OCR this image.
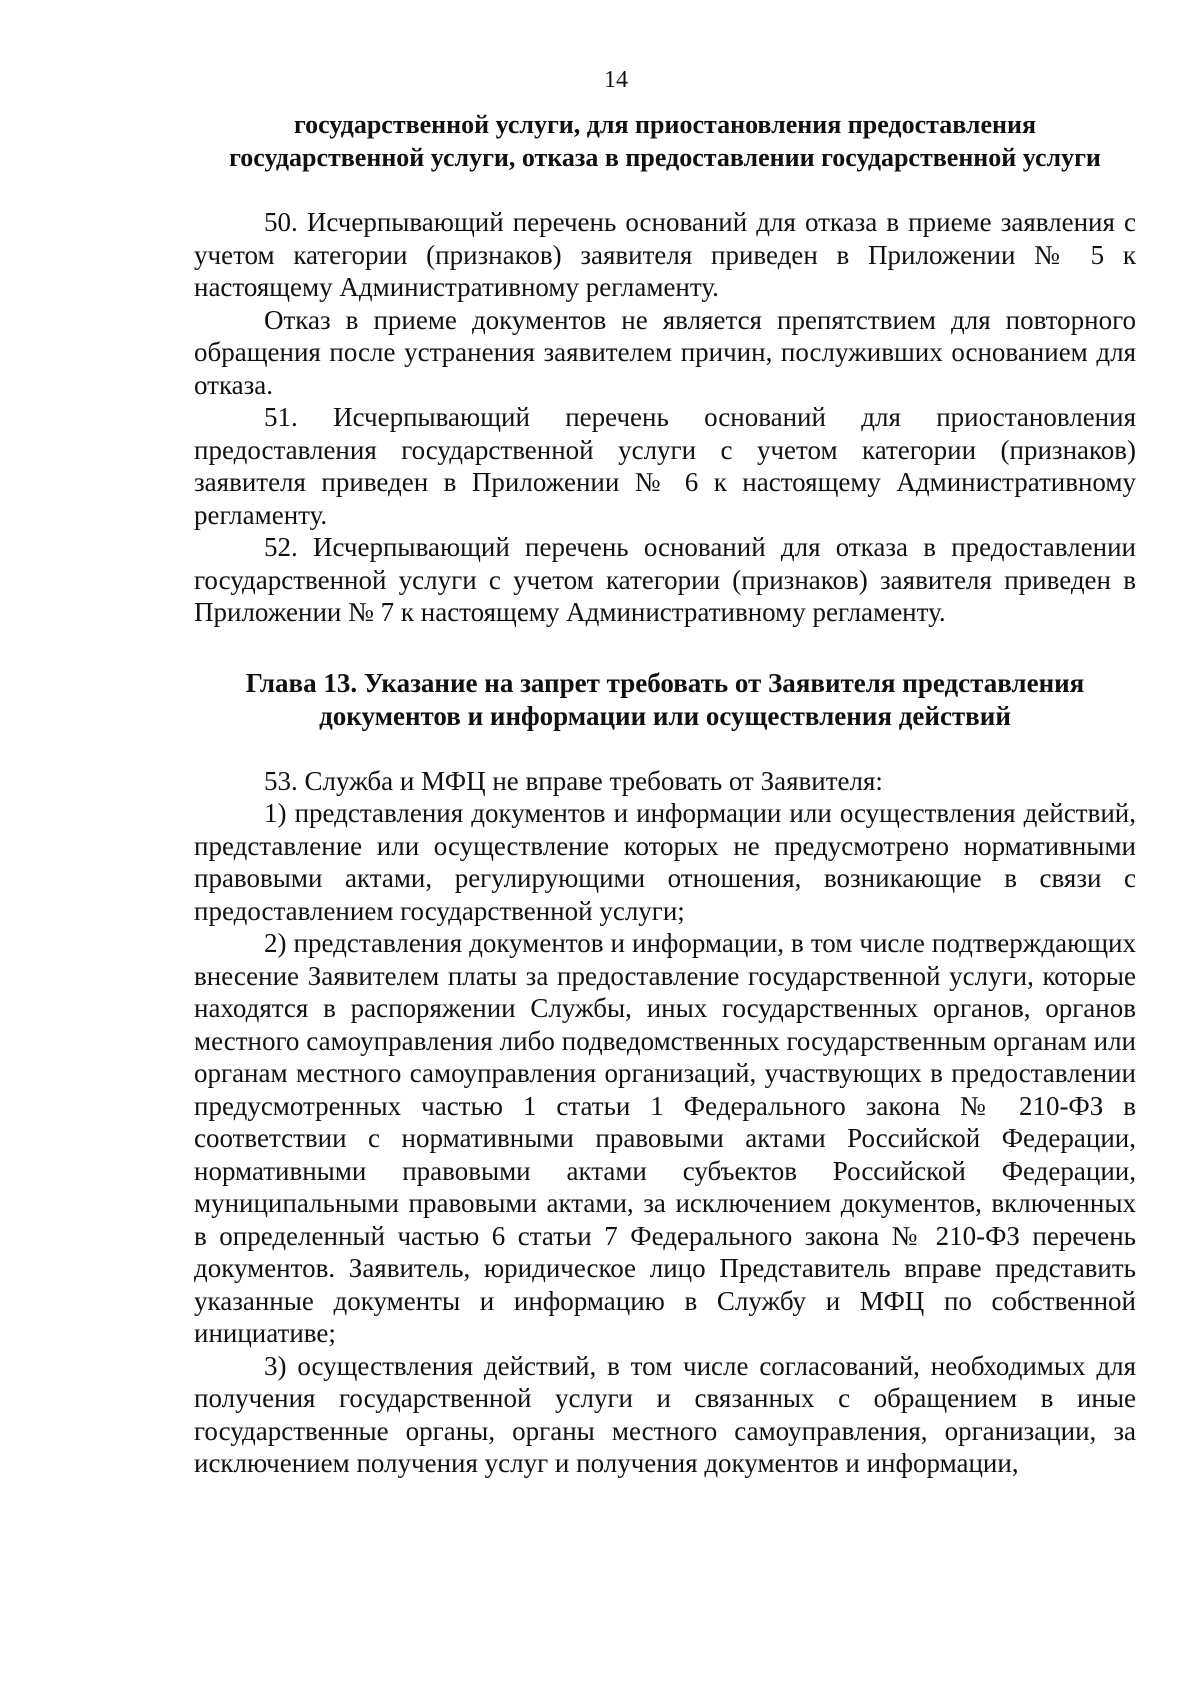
14

государственной услуги, для приостановления предоставления государственной услуги, отказа в предоставлении государственной услуги

50. Исчерпывающий перечень оснований для отказа в приеме заявления с учетом категории (признаков) заявителя приведен в Приложении № 5 к настоящему Административному регламенту.

Отказ в приеме документов не является препятствием для повторного обращения после устранения заявителем причин, послуживших основанием для отказа.

51. Исчерпывающий перечень оснований для приостановления предоставления государственной услуги с учетом категории (признаков) заявителя приведен в Приложении № 6 к настоящему Административному регламенту.

52. Исчерпывающий перечень оснований для отказа в предоставлении государственной услуги с учетом категории (признаков) заявителя приведен в Приложении № 7 к настоящему Административному регламенту.

Глава 13. Указание на запрет требовать от Заявителя представления документов и информации или осуществления действий

53. Служба и МФЦ не вправе требовать от Заявителя:

1) представления документов и информации или осуществления действий, представление или осуществление которых не предусмотрено нормативными правовыми актами, регулирующими отношения, возникающие в связи с предоставлением государственной услуги;

2) представления документов и информации, в том числе подтверждающих внесение Заявителем платы за предоставление государственной услуги, которые находятся в распоряжении Службы, иных государственных органов, органов местного самоуправления либо подведомственных государственным органам или органам местного самоуправления организаций, участвующих в предоставлении предусмотренных частью 1 статьи 1 Федерального закона № 210-ФЗ в соответствии с нормативными правовыми актами Российской Федерации, нормативными правовыми актами субъектов Российской Федерации, муниципальными правовыми актами, за исключением документов, включенных в определенный частью 6 статьи 7 Федерального закона № 210-ФЗ перечень документов. Заявитель, юридическое лицо Представитель вправе представить указанные документы и информацию в Службу и МФЦ по собственной инициативе;

3) осуществления действий, в том числе согласований, необходимых для получения государственной услуги и связанных с обращением в иные государственные органы, органы местного самоуправления, организации, за исключением получения услуг и получения документов и информации,
